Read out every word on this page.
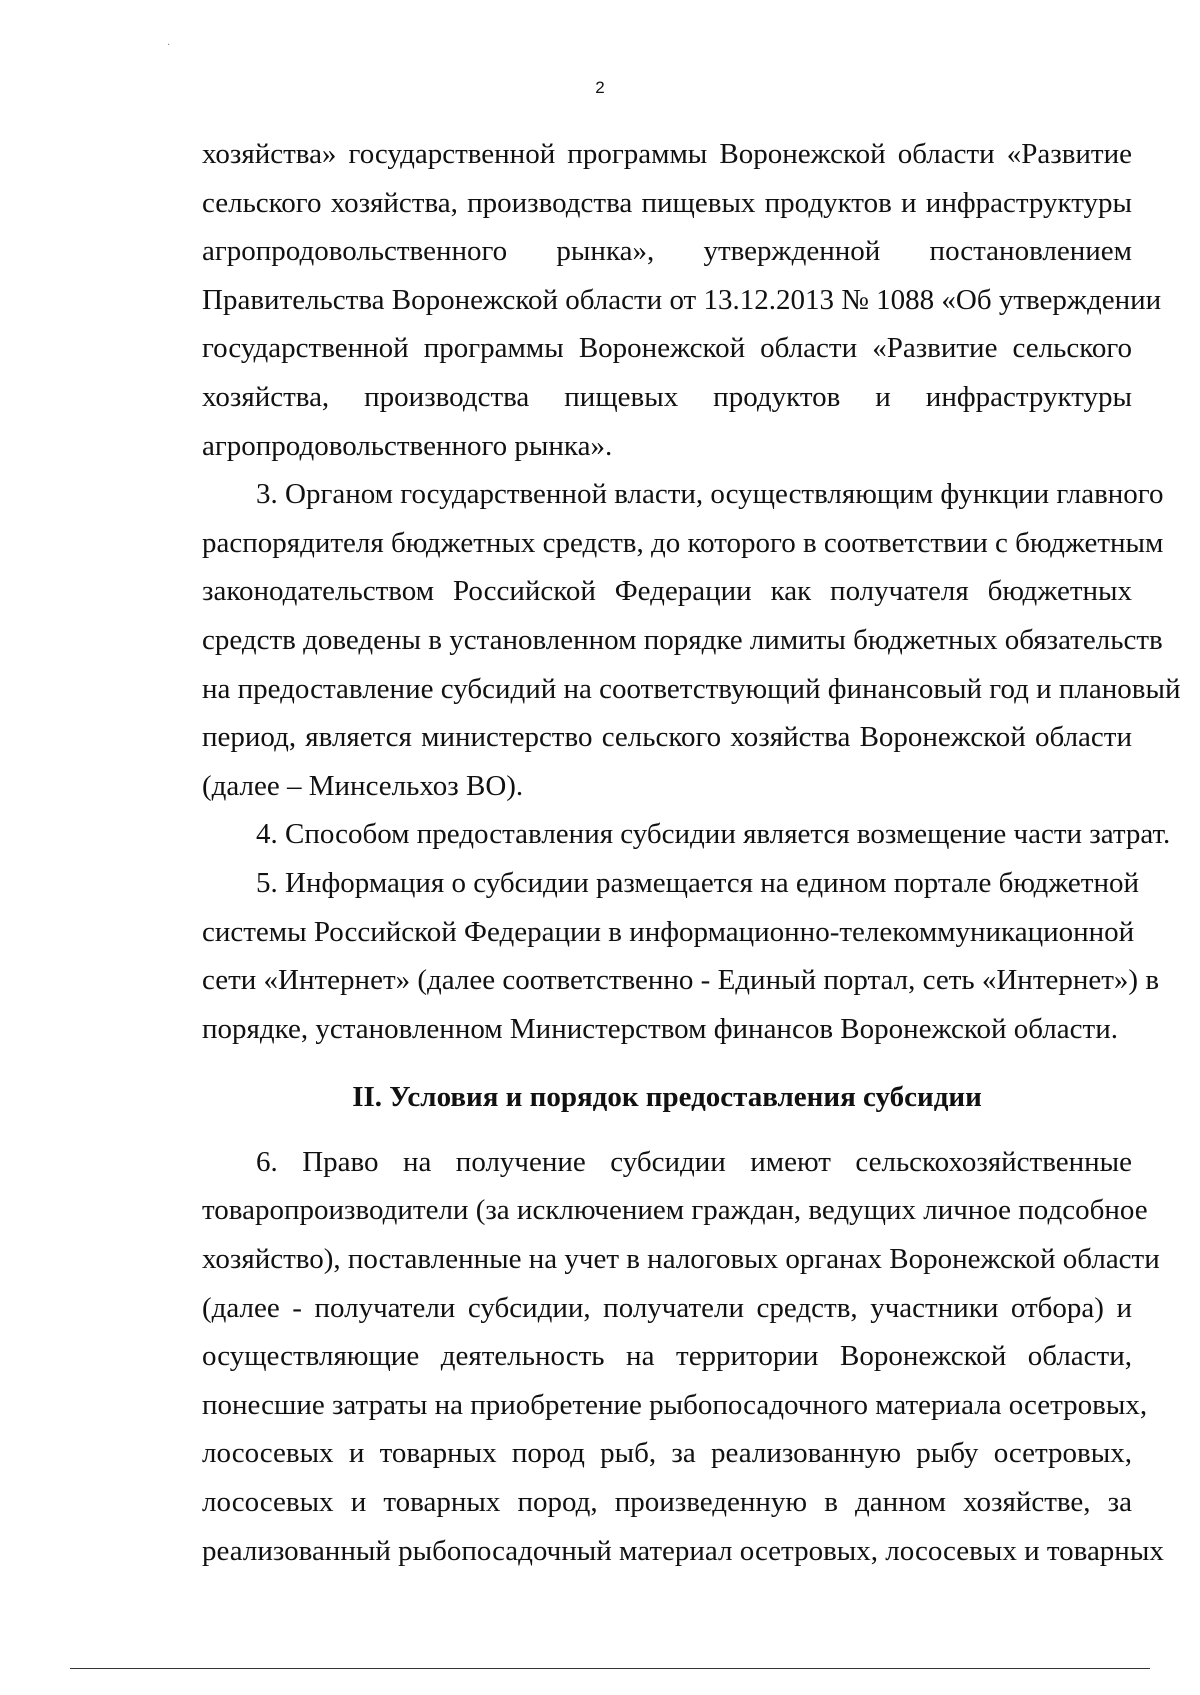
·
2
хозяйства» государственной программы Воронежской области «Развитие
сельского хозяйства, производства пищевых продуктов и инфраструктуры
агропродовольственного рынка», утвержденной постановлением
Правительства Воронежской области от 13.12.2013 № 1088 «Об утверждении
государственной программы Воронежской области «Развитие сельского
хозяйства, производства пищевых продуктов и инфраструктуры
агропродовольственного рынка».
3. Органом государственной власти, осуществляющим функции главного
распорядителя бюджетных средств, до которого в соответствии с бюджетным
законодательством Российской Федерации как получателя бюджетных
средств доведены в установленном порядке лимиты бюджетных обязательств
на предоставление субсидий на соответствующий финансовый год и плановый
период, является министерство сельского хозяйства Воронежской области
(далее – Минсельхоз ВО).
4. Способом предоставления субсидии является возмещение части затрат.
5. Информация о субсидии размещается на едином портале бюджетной
системы Российской Федерации в информационно-телекоммуникационной
сети «Интернет» (далее соответственно - Единый портал, сеть «Интернет») в
порядке, установленном Министерством финансов Воронежской области.
II. Условия и порядок предоставления субсидии
6. Право на получение субсидии имеют сельскохозяйственные
товаропроизводители (за исключением граждан, ведущих личное подсобное
хозяйство), поставленные на учет в налоговых органах Воронежской области
(далее - получатели субсидии, получатели средств, участники отбора) и
осуществляющие деятельность на территории Воронежской области,
понесшие затраты на приобретение рыбопосадочного материала осетровых,
лососевых и товарных пород рыб, за реализованную рыбу осетровых,
лососевых и товарных пород, произведенную в данном хозяйстве, за
реализованный рыбопосадочный материал осетровых, лососевых и товарных
